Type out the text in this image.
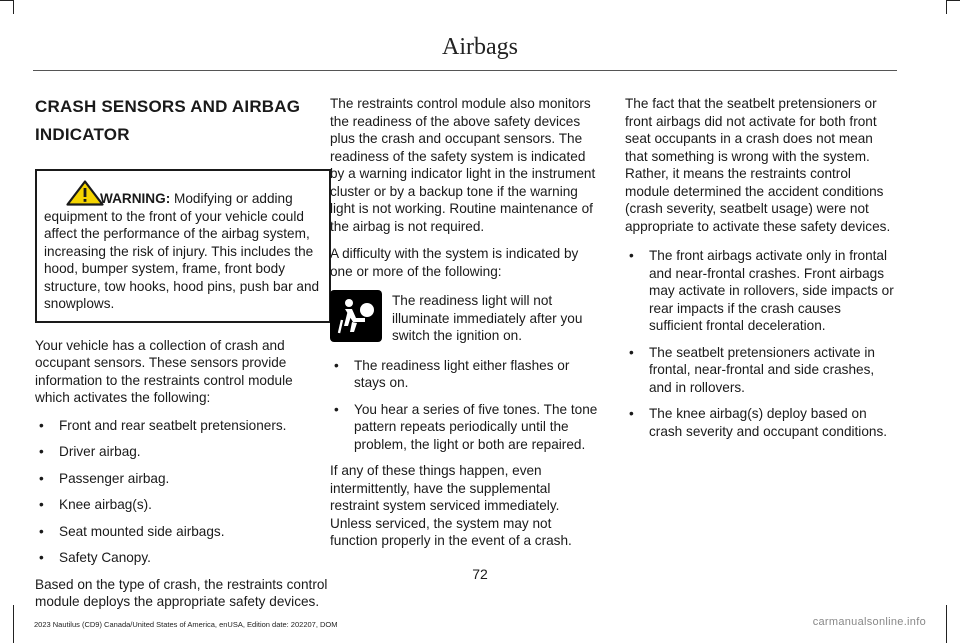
Airbags
CRASH SENSORS AND AIRBAG
INDICATOR
WARNING: Modifying or adding equipment to the front of your vehicle could affect the performance of the airbag system, increasing the risk of injury. This includes the hood, bumper system, frame, front body structure, tow hooks, hood pins, push bar and snowplows.

Your vehicle has a collection of crash and occupant sensors. These sensors provide information to the restraints control module which activates the following:

• Front and rear seatbelt pretensioners.
• Driver airbag.
• Passenger airbag.
• Knee airbag(s).
• Seat mounted side airbags.
• Safety Canopy.

Based on the type of crash, the restraints control module deploys the appropriate safety devices.

The restraints control module also monitors the readiness of the above safety devices plus the crash and occupant sensors. The readiness of the safety system is indicated by a warning indicator light in the instrument cluster or by a backup tone if the warning light is not working. Routine maintenance of the airbag is not required.

A difficulty with the system is indicated by one or more of the following:

The readiness light will not illuminate immediately after you switch the ignition on.
• The readiness light either flashes or stays on.
• You hear a series of five tones. The tone pattern repeats periodically until the problem, the light or both are repaired.

If any of these things happen, even intermittently, have the supplemental restraint system serviced immediately. Unless serviced, the system may not function properly in the event of a crash.

The fact that the seatbelt pretensioners or front airbags did not activate for both front seat occupants in a crash does not mean that something is wrong with the system. Rather, it means the restraints control module determined the accident conditions (crash severity, seatbelt usage) were not appropriate to activate these safety devices.

• The front airbags activate only in frontal and near-frontal crashes. Front airbags may activate in rollovers, side impacts or rear impacts if the crash causes sufficient frontal deceleration.
• The seatbelt pretensioners activate in frontal, near-frontal and side crashes, and in rollovers.
• The knee airbag(s) deploy based on crash severity and occupant conditions.
72
2023 Nautilus (CD9) Canada/United States of America, enUSA, Edition date: 202207, DOM	carmanualsonline.info
